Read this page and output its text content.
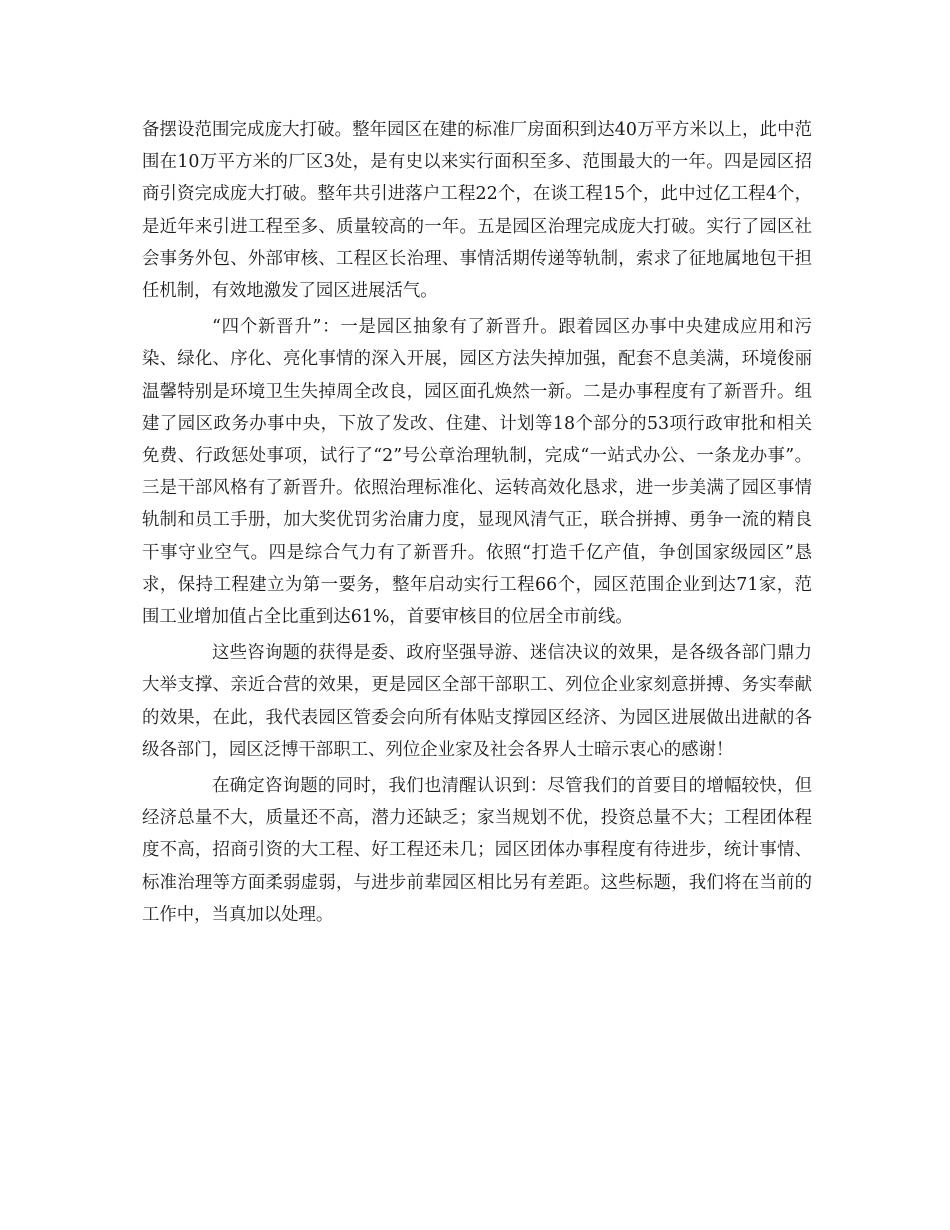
备摆设范围完成庞大打破。整年园区在建的标准厂房面积到达40万平方米以上，此中范围在10万平方米的厂区3处，是有史以来实行面积至多、范围最大的一年。四是园区招商引资完成庞大打破。整年共引进落户工程22个，在谈工程15个，此中过亿工程4个，是近年来引进工程至多、质量较高的一年。五是园区治理完成庞大打破。实行了园区社会事务外包、外部审核、工程区长治理、事情活期传递等轨制，索求了征地属地包干担任机制，有效地激发了园区进展活气。

“四个新晋升”：一是园区抽象有了新晋升。跟着园区办事中央建成应用和污染、绿化、序化、亮化事情的深入开展，园区方法失掉加强，配套不息美满，环境俊丽温馨特别是环境卫生失掉周全改良，园区面孔焕然一新。二是办事程度有了新晋升。组建了园区政务办事中央，下放了发改、住建、计划等18个部分的53项行政审批和相关免费、行政惩处事项，试行了“2”号公章治理轨制，完成“一站式办公、一条龙办事”。三是干部风格有了新晋升。依照治理标准化、运转高效化恳求，进一步美满了园区事情轨制和员工手册，加大奖优罚劣治庸力度，显现风清气正，联合拼搏、勇争一流的精良干事守业空气。四是综合气力有了新晋升。依照“打造千亿产值，争创国家级园区”恳求，保持工程建立为第一要务，整年启动实行工程66个，园区范围企业到达71家，范围工业增加值占全比重到达61%，首要审核目的位居全市前线。

这些咨询题的获得是委、政府坚强导游、迷信决议的效果，是各级各部门鼎力大举支撑、亲近合营的效果，更是园区全部干部职工、列位企业家刻意拼搏、务实奉献的效果，在此，我代表园区管委会向所有体贴支撑园区经济、为园区进展做出进献的各级各部门，园区泛博干部职工、列位企业家及社会各界人士暗示衷心的感谢！

在确定咨询题的同时，我们也清醒认识到：尽管我们的首要目的增幅较快，但经济总量不大，质量还不高，潜力还缺乏；家当规划不优，投资总量不大；工程团体程度不高，招商引资的大工程、好工程还未几；园区团体办事程度有待进步，统计事情、标准治理等方面柔弱虚弱，与进步前辈园区相比另有差距。这些标题，我们将在当前的工作中，当真加以处理。
